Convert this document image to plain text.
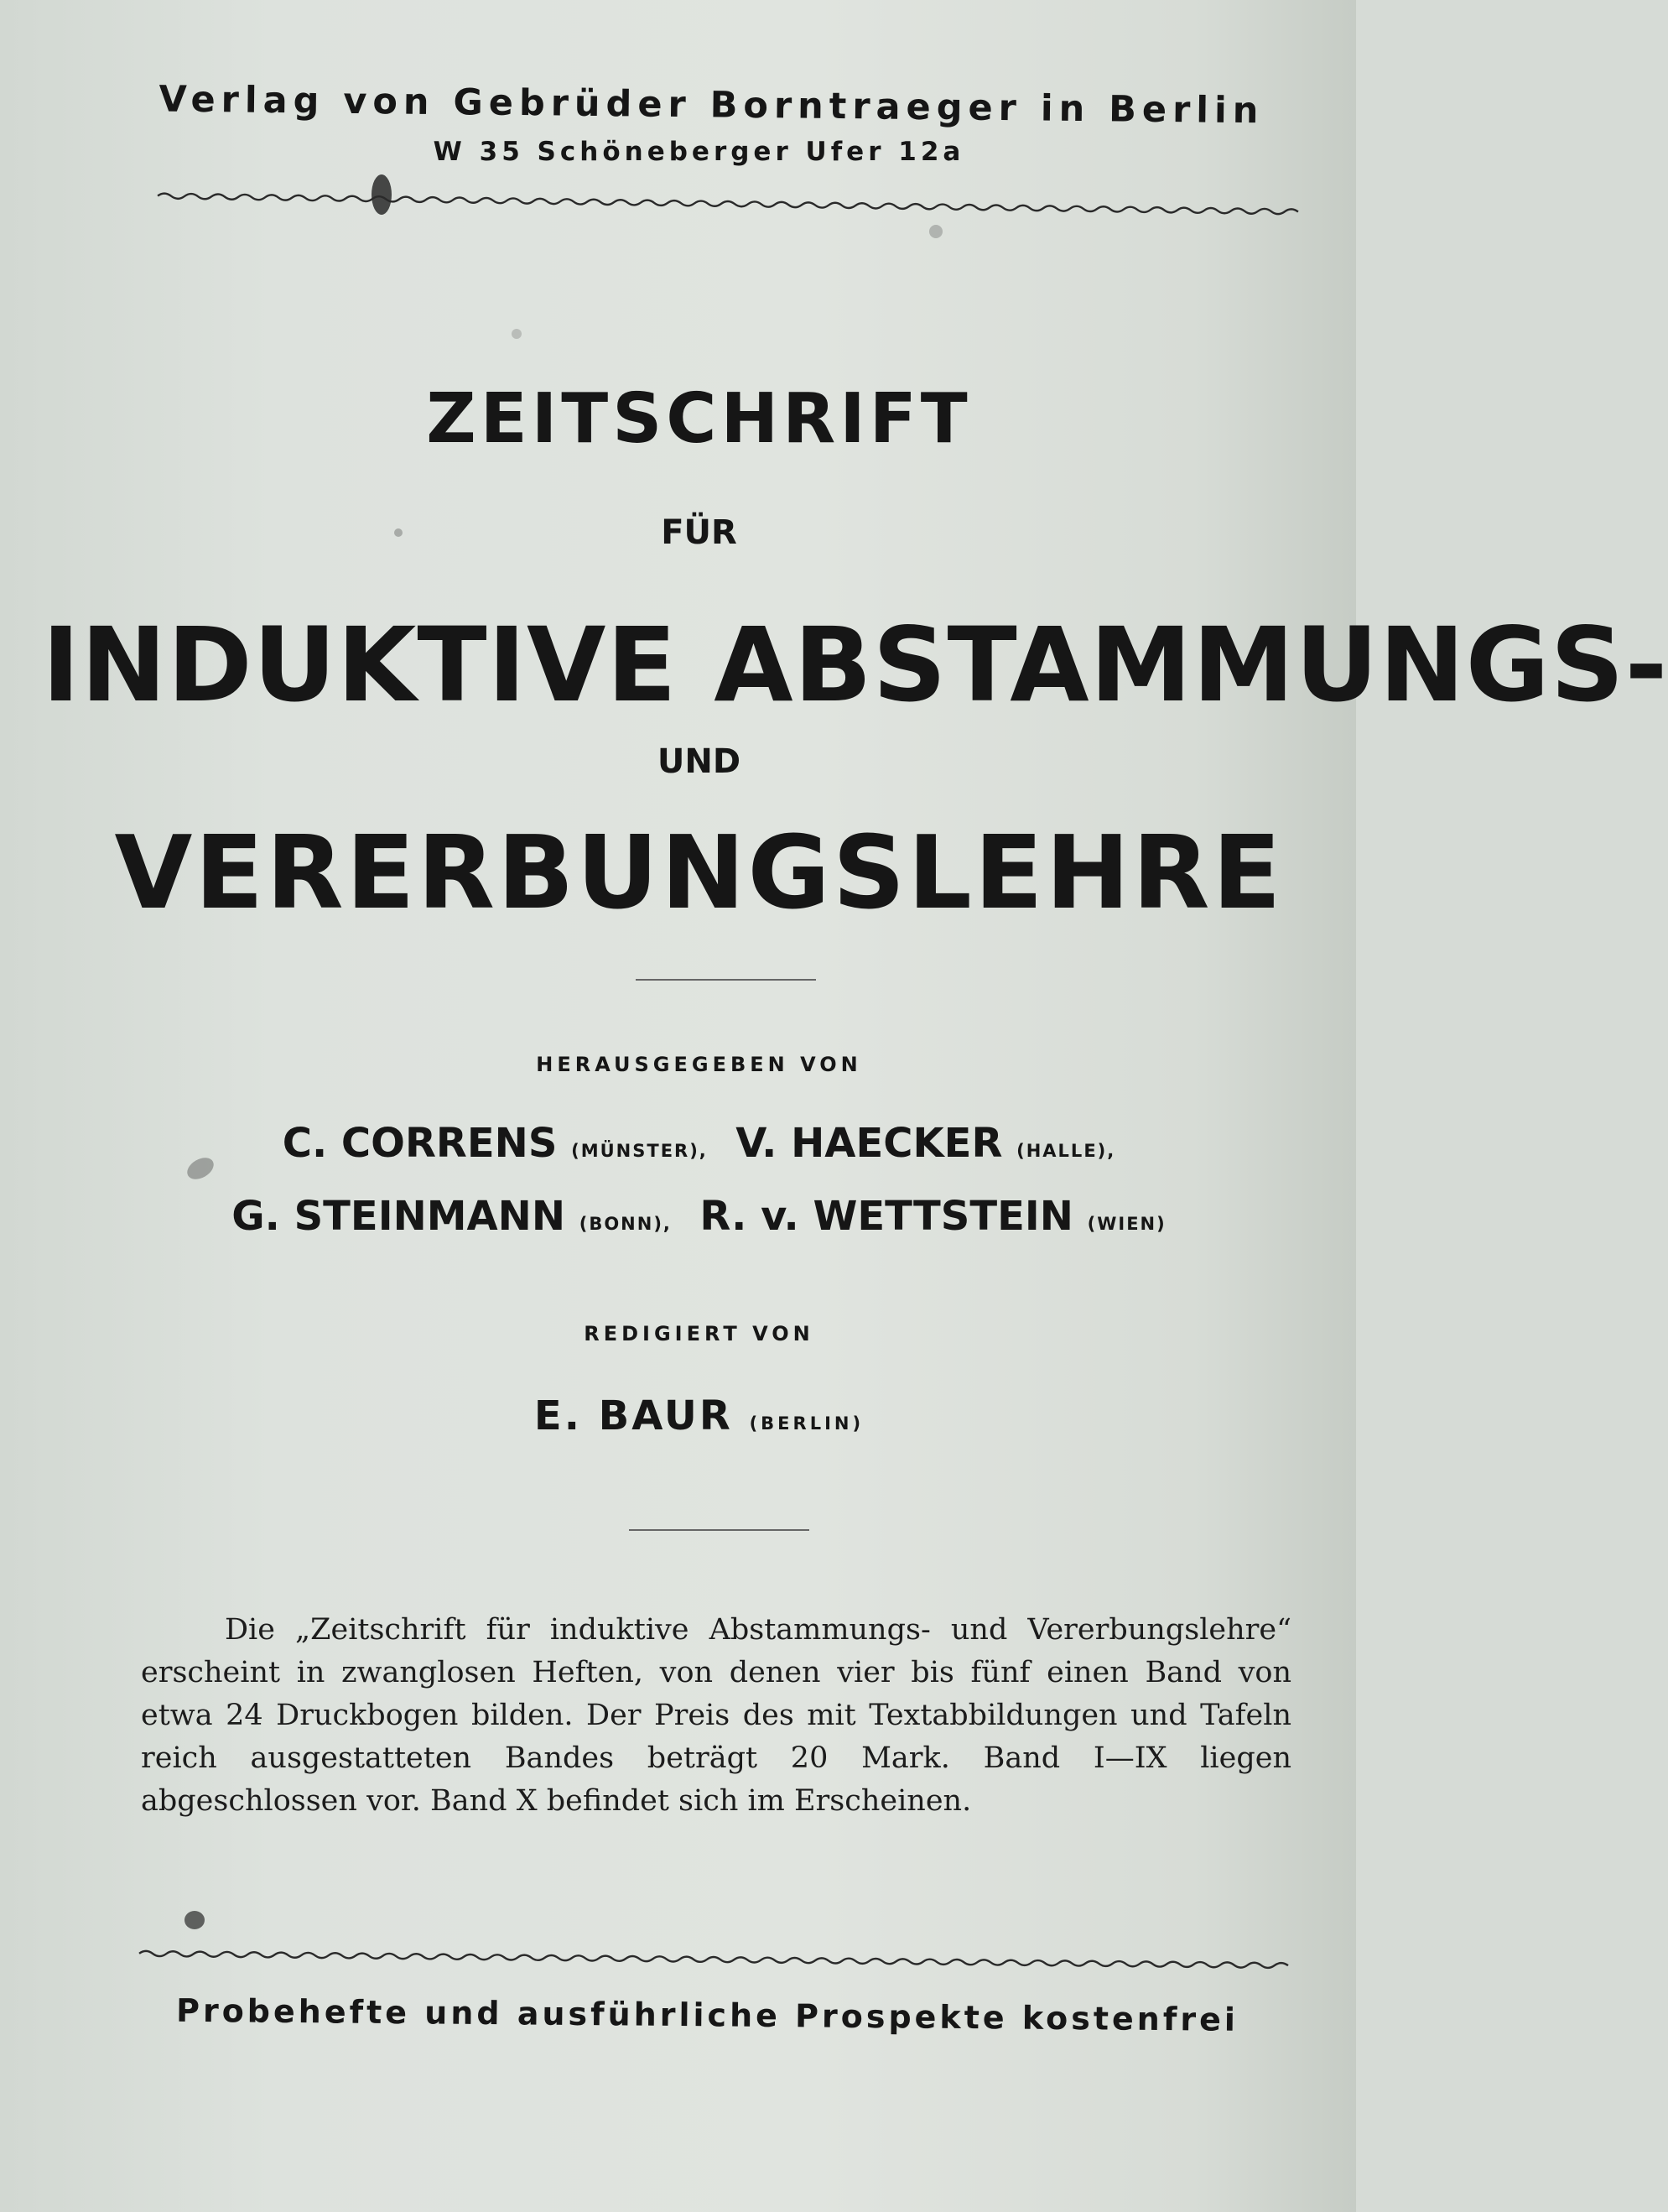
Verlag von Gebrüder Borntraeger in Berlin
W 35 Schöneberger Ufer 12a
ZEITSCHRIFT
FÜR
INDUKTIVE ABSTAMMUNGS-
UND
VERERBUNGSLEHRE
HERAUSGEGEBEN VON
C. CORRENS (MÜNSTER), V. HAECKER (HALLE),
G. STEINMANN (BONN), R. v. WETTSTEIN (WIEN)
REDIGIERT VON
E. BAUR (BERLIN)
Die „Zeitschrift für induktive Abstammungs- und Vererbungslehre“ erscheint in zwanglosen Heften, von denen vier bis fünf einen Band von etwa 24 Druckbogen bilden. Der Preis des mit Textabbildungen und Tafeln reich ausgestatteten Bandes beträgt 20 Mark. Band I—IX liegen abgeschlossen vor. Band X befindet sich im Erscheinen.
Probehefte und ausführliche Prospekte kostenfrei
